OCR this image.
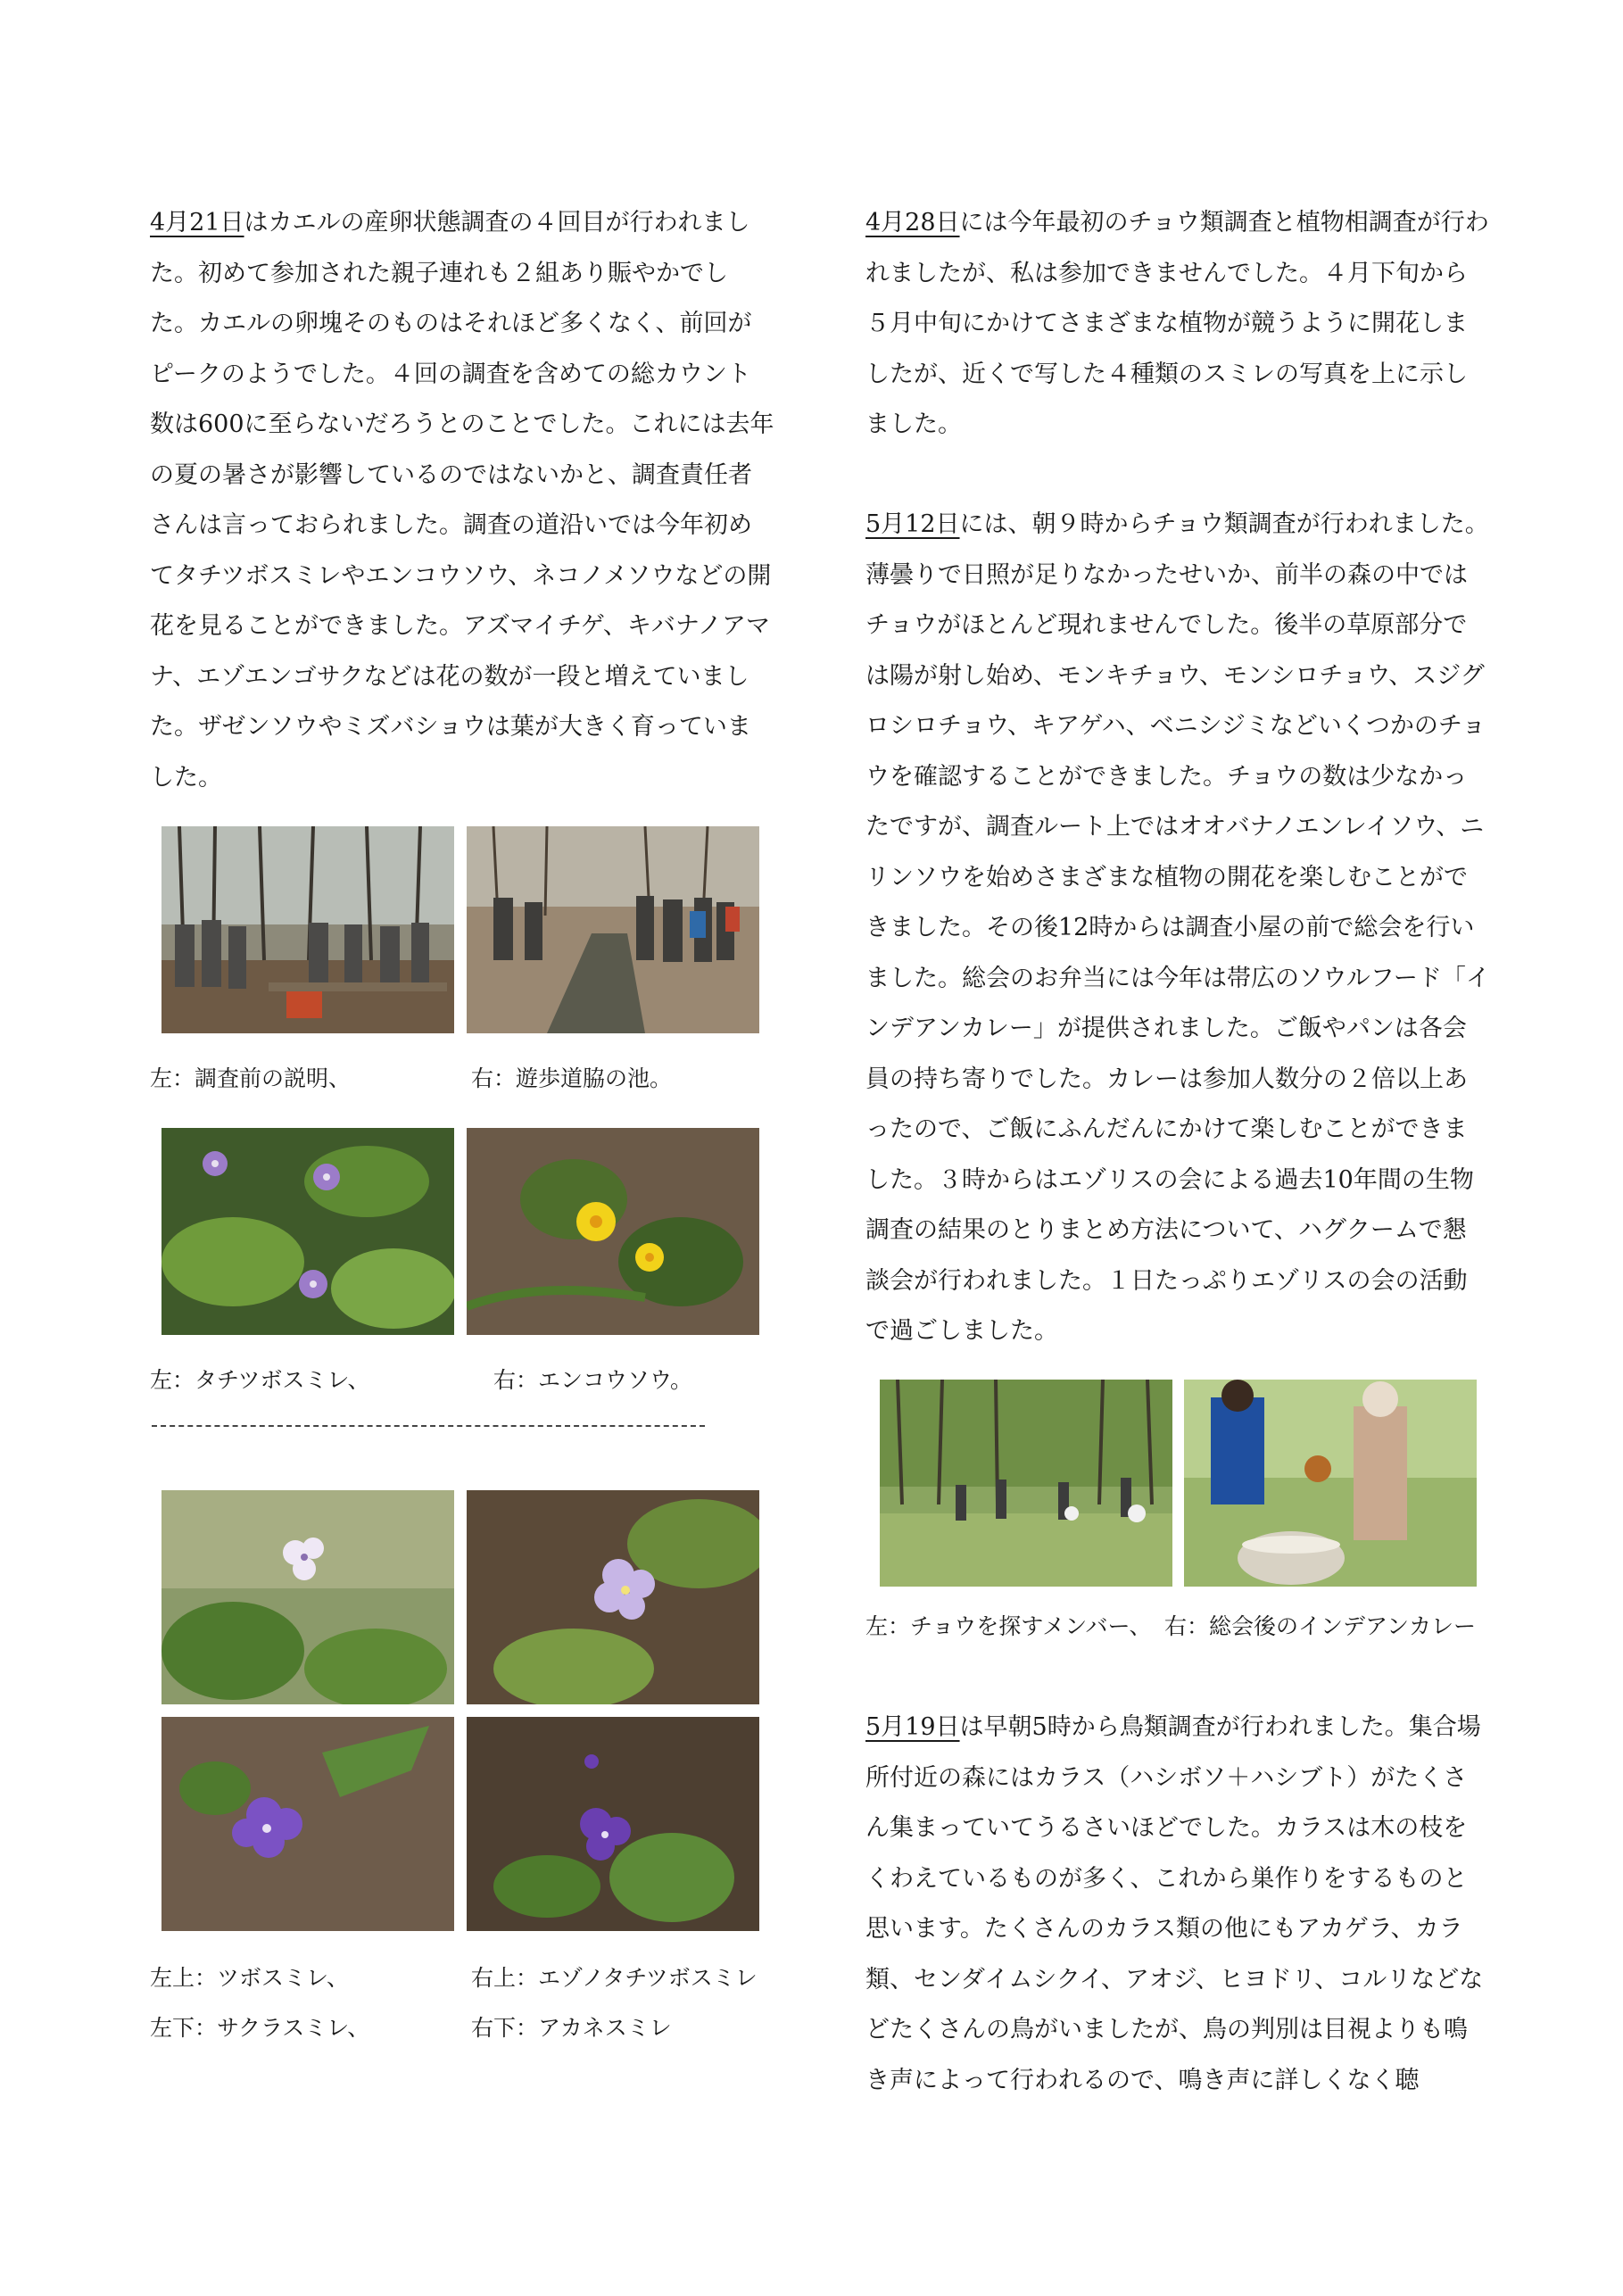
4月21日はカエルの産卵状態調査の４回目が行われました。初めて参加された親子連れも２組あり賑やかでした。カエルの卵塊そのものはそれほど多くなく、前回がピークのようでした。４回の調査を含めての総カウント数は600に至らないだろうとのことでした。これには去年の夏の暑さが影響しているのではないかと、調査責任者さんは言っておられました。調査の道沿いでは今年初めてタチツボスミレやエンコウソウ、ネコノメソウなどの開花を見ることができました。アズマイチゲ、キバナノアマナ、エゾエンゴサクなどは花の数が一段と増えていました。ザゼンソウやミズバショウは葉が大きく育っていました。

左：調査前の説明、	右：遊歩道脇の池。
左：タチツボスミレ、	右：エンコウソウ。
左上：ツボスミレ、	右上：エゾノタチツボスミレ
左下：サクラスミレ、	右下：アカネスミレ

4月28日には今年最初のチョウ類調査と植物相調査が行われましたが、私は参加できませんでした。４月下旬から５月中旬にかけてさまざまな植物が競うように開花しましたが、近くで写した４種類のスミレの写真を上に示しました。

5月12日には、朝９時からチョウ類調査が行われました。薄曇りで日照が足りなかったせいか、前半の森の中ではチョウがほとんど現れませんでした。後半の草原部分では陽が射し始め、モンキチョウ、モンシロチョウ、スジグロシロチョウ、キアゲハ、ベニシジミなどいくつかのチョウを確認することができました。チョウの数は少なかったですが、調査ルート上ではオオバナノエンレイソウ、ニリンソウを始めさまざまな植物の開花を楽しむことができました。その後12時からは調査小屋の前で総会を行いました。総会のお弁当には今年は帯広のソウルフード「インデアンカレー」が提供されました。ご飯やパンは各会員の持ち寄りでした。カレーは参加人数分の２倍以上あったので、ご飯にふんだんにかけて楽しむことができました。３時からはエゾリスの会による過去10年間の生物調査の結果のとりまとめ方法について、ハグクームで懇談会が行われました。１日たっぷりエゾリスの会の活動で過ごしました。

左：チョウを探すメンバー、 右：総会後のインデアンカレー

5月19日は早朝5時から鳥類調査が行われました。集合場所付近の森にはカラス（ハシボソ＋ハシブト）がたくさん集まっていてうるさいほどでした。カラスは木の枝をくわえているものが多く、これから巣作りをするものと思います。たくさんのカラス類の他にもアカゲラ、カラ類、センダイムシクイ、アオジ、ヒヨドリ、コルリなどなどたくさんの鳥がいましたが、鳥の判別は目視よりも鳴き声によって行われるので、鳴き声に詳しくなく聴
